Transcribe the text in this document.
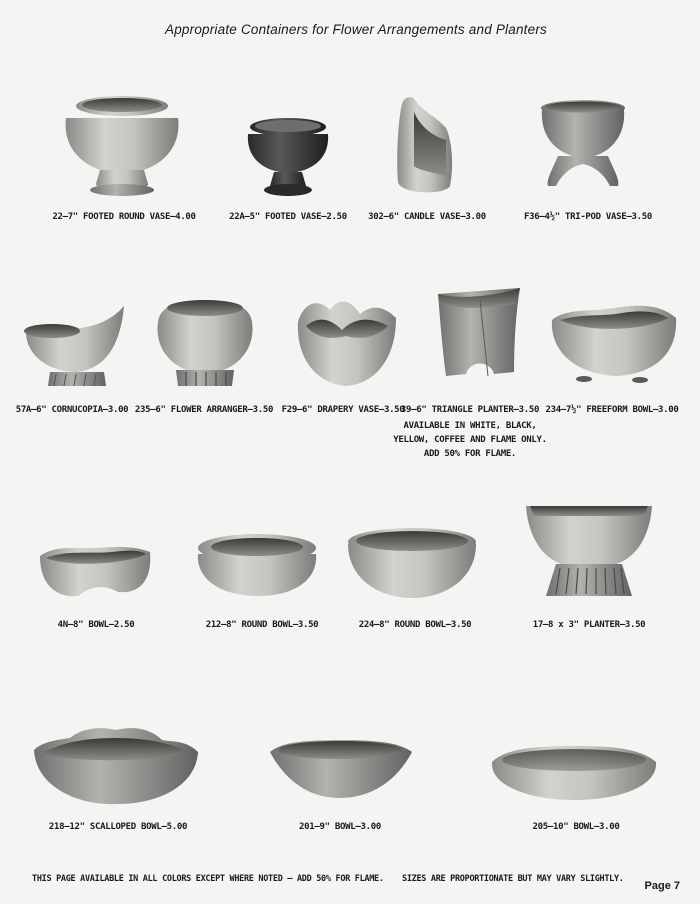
Appropriate Containers for Flower Arrangements and Planters
22—7" FOOTED ROUND VASE—4.00	22A—5" FOOTED VASE—2.50 302—6" CANDLE VASE—3.00	F36—4½" TRI-POD VASE—3.50
57A—6" CORNUCOPIA—3.00 235—6" FLOWER ARRANGER—3.50 F29—6" DRAPERY VASE—3.50
39—6" TRIANGLE PLANTER—3.50 234—7½" FREEFORM BOWL—3.00
AVAILABLE IN WHITE, BLACK,
YELLOW, COFFEE AND FLAME ONLY.
ADD 50% FOR FLAME.
4N—8" BOWL—2.50	212—8" ROUND BOWL—3.50	224—8" ROUND BOWL—3.50	17—8 x 3" PLANTER—3.50
218—12" SCALLOPED BOWL—5.00	201—9" BOWL—3.00	205—10" BOWL—3.00
THIS PAGE AVAILABLE IN ALL COLORS EXCEPT WHERE NOTED — ADD 50% FOR FLAME. SIZES ARE PROPORTIONATE BUT MAY VARY SLIGHTLY.
Page 7
